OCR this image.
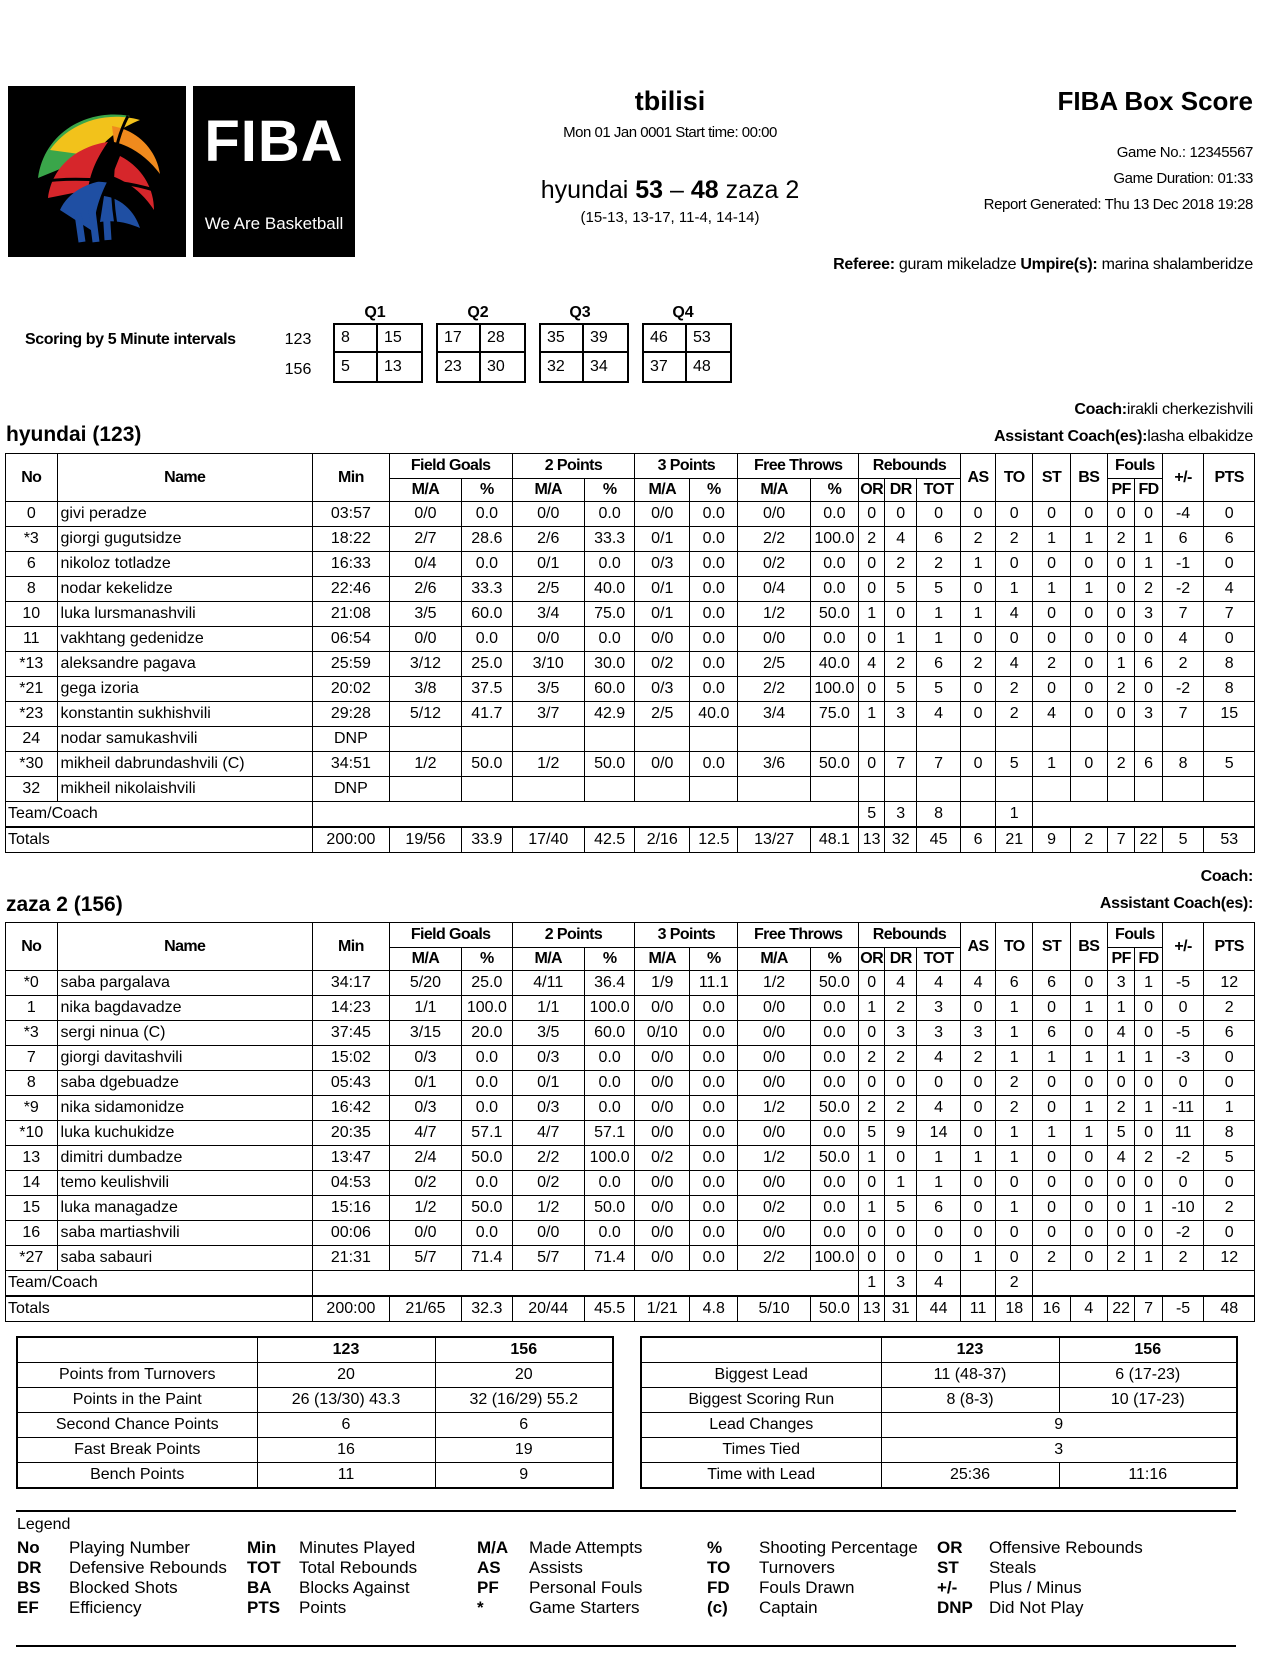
FIBA
We Are Basketball
tbilisi
Mon 01 Jan 0001 Start time: 00:00
hyundai 53 – 48 zaza 2
(15-13, 13-17, 11-4, 14-14)
FIBA Box Score
Game No.: 12345567
Game Duration: 01:33
Report Generated: Thu 13 Dec 2018 19:28
Referee: guram mikeladze Umpire(s): marina shalamberidze
Scoring by 5 Minute intervals	123
156
Q1	Q2	Q3	Q4
8	15
5	13
17	28
23	30
35	39
32	34
46	53
37	48
Coach:irakli cherkezishvili
Assistant Coach(es):lasha elbakidze
hyundai (123)
No	Name	Min	Field Goals		2 Points		3 Points		Free Throws		Rebounds			AS	TO	ST	BS	Fouls		+/-	PTS
			M/A	%	M/A	%	M/A	%	M/A	%	OR	DR	TOT					PF	FD		
0	givi peradze	03:57	0/0	0.0	0/0	0.0	0/0	0.0	0/0	0.0	0	0	0	0	0	0	0	0	0	-4	0
*3	giorgi gugutsidze	18:22	2/7	28.6	2/6	33.3	0/1	0.0	2/2	100.0	2	4	6	2	2	1	1	2	1	6	6
6	nikoloz totladze	16:33	0/4	0.0	0/1	0.0	0/3	0.0	0/2	0.0	0	2	2	1	0	0	0	0	1	-1	0
8	nodar kekelidze	22:46	2/6	33.3	2/5	40.0	0/1	0.0	0/4	0.0	0	5	5	0	1	1	1	0	2	-2	4
10	luka lursmanashvili	21:08	3/5	60.0	3/4	75.0	0/1	0.0	1/2	50.0	1	0	1	1	4	0	0	0	3	7	7
11	vakhtang gedenidze	06:54	0/0	0.0	0/0	0.0	0/0	0.0	0/0	0.0	0	1	1	0	0	0	0	0	0	4	0
*13	aleksandre pagava	25:59	3/12	25.0	3/10	30.0	0/2	0.0	2/5	40.0	4	2	6	2	4	2	0	1	6	2	8
*21	gega izoria	20:02	3/8	37.5	3/5	60.0	0/3	0.0	2/2	100.0	0	5	5	0	2	0	0	2	0	-2	8
*23	konstantin sukhishvili	29:28	5/12	41.7	3/7	42.9	2/5	40.0	3/4	75.0	1	3	4	0	2	4	0	0	3	7	15
24	nodar samukashvili	DNP																			
*30	mikheil dabrundashvili (C)	34:51	1/2	50.0	1/2	50.0	0/0	0.0	3/6	50.0	0	7	7	0	5	1	0	2	6	8	5
32	mikheil nikolaishvili	DNP																			
Team/Coach											5	3	8		1						
Totals		200:00	19/56	33.9	17/40	42.5	2/16	12.5	13/27	48.1	13	32	45	6	21	9	2	7	22	5	53
Coach:
Assistant Coach(es):
zaza 2 (156)
No	Name	Min	Field Goals		2 Points		3 Points		Free Throws		Rebounds			AS	TO	ST	BS	Fouls		+/-	PTS
			M/A	%	M/A	%	M/A	%	M/A	%	OR	DR	TOT					PF	FD		
*0	saba pargalava	34:17	5/20	25.0	4/11	36.4	1/9	11.1	1/2	50.0	0	4	4	4	6	6	0	3	1	-5	12
1	nika bagdavadze	14:23	1/1	100.0	1/1	100.0	0/0	0.0	0/0	0.0	1	2	3	0	1	0	1	1	0	0	2
*3	sergi ninua (C)	37:45	3/15	20.0	3/5	60.0	0/10	0.0	0/0	0.0	0	3	3	3	1	6	0	4	0	-5	6
7	giorgi davitashvili	15:02	0/3	0.0	0/3	0.0	0/0	0.0	0/0	0.0	2	2	4	2	1	1	1	1	1	-3	0
8	saba dgebuadze	05:43	0/1	0.0	0/1	0.0	0/0	0.0	0/0	0.0	0	0	0	0	2	0	0	0	0	0	0
*9	nika sidamonidze	16:42	0/3	0.0	0/3	0.0	0/0	0.0	1/2	50.0	2	2	4	0	2	0	1	2	1	-11	1
*10	luka kuchukidze	20:35	4/7	57.1	4/7	57.1	0/0	0.0	0/0	0.0	5	9	14	0	1	1	1	5	0	11	8
13	dimitri dumbadze	13:47	2/4	50.0	2/2	100.0	0/2	0.0	1/2	50.0	1	0	1	1	1	0	0	4	2	-2	5
14	temo keulishvili	04:53	0/2	0.0	0/2	0.0	0/0	0.0	0/0	0.0	0	1	1	0	0	0	0	0	0	0	0
15	luka managadze	15:16	1/2	50.0	1/2	50.0	0/0	0.0	0/2	0.0	1	5	6	0	1	0	0	0	1	-10	2
16	saba martiashvili	00:06	0/0	0.0	0/0	0.0	0/0	0.0	0/0	0.0	0	0	0	0	0	0	0	0	0	-2	0
*27	saba sabauri	21:31	5/7	71.4	5/7	71.4	0/0	0.0	2/2	100.0	0	0	0	1	0	2	0	2	1	2	12
Team/Coach											1	3	4		2						
Totals		200:00	21/65	32.3	20/44	45.5	1/21	4.8	5/10	50.0	13	31	44	11	18	16	4	22	7	-5	48
	123	156
Points from Turnovers	20	20
Points in the Paint	26 (13/30) 43.3	32 (16/29) 55.2
Second Chance Points	6	6
Fast Break Points	16	19
Bench Points	11	9
	123	156
Biggest Lead	11 (48-37)	6 (17-23)
Biggest Scoring Run	8 (8-3)	10 (17-23)
Lead Changes	9	
Times Tied	3	
Time with Lead	25:36	11:16
Legend
No Playing Number
DR Defensive Rebounds
BS Blocked Shots
EF Efficiency
Min Minutes Played
TOT Total Rebounds
BA Blocks Against
PTS Points
M/A Made Attempts
AS Assists
PF Personal Fouls
*	Game Starters
% Shooting Percentage
TO Turnovers
FD Fouls Drawn
(c) Captain
OR Offensive Rebounds
ST Steals
+/- Plus / Minus
DNP Did Not Play
